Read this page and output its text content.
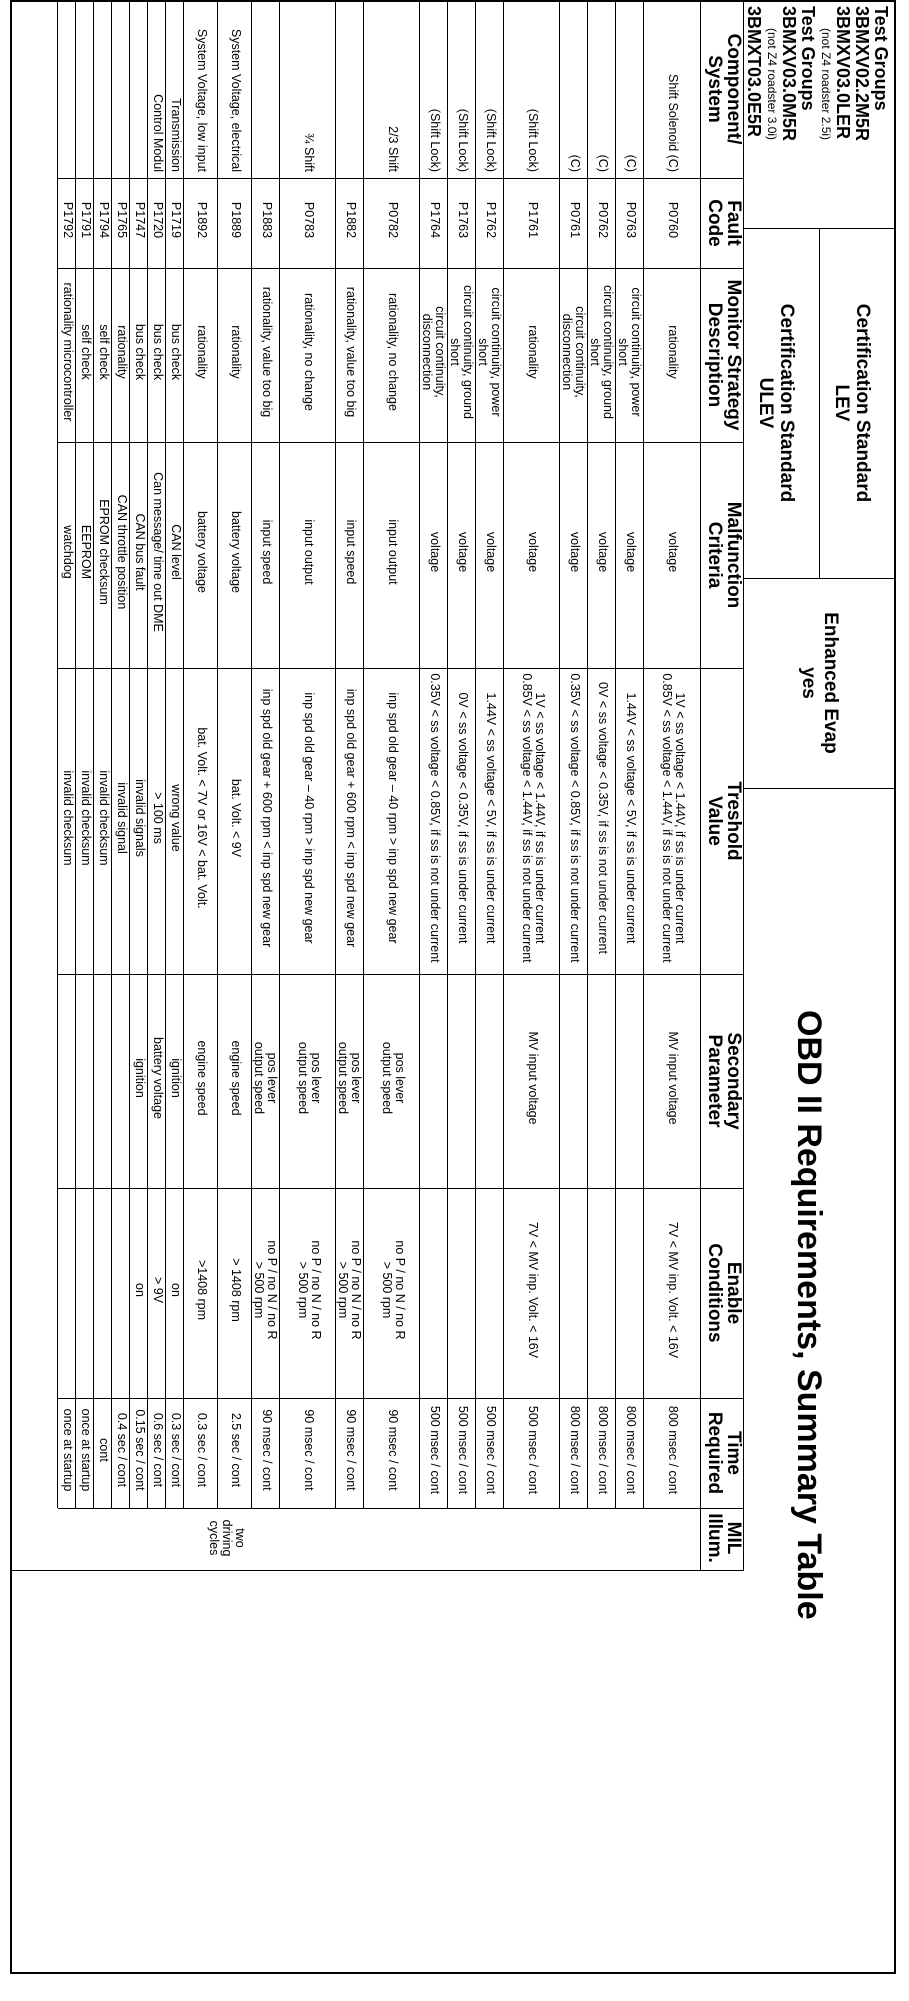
OBD II Requirements, Summary Table
Test Groups
3BMXV02.2M5R
3BMXV03.0LER
(not Z4 roadster 2.5i)
Test Groups
3BMXV03.0M5R
(not Z4 roadster 3.0i)
3BMXT03.0E5R
Certification Standard
LEV
Certification Standard
ULEV
Enhanced Evap
yes
Component/
System
Fault
Code
Monitor Strategy
Description
Malfunction
Criteria
Treshold
Value
Secondary
Parameter
Enable
Conditions
Time
Required
MIL
Illum.
two
driving
cycles
Shift Solenoid (C)
P0760
rationality
voltage
1V < ss voltage < 1.44V, if ss is under current
0.85V < ss voltage < 1.44V, if ss is not under current
MV input voltage
7V < MV inp. Volt. < 16V
800 msec / cont
(C)
P0763
circuit continuity, power
short
voltage
1.44V < ss voltage < 5V, if ss is under current
800 msec / cont
(C)
P0762
circuit continuity, ground
short
voltage
0V < ss voltage < 0.35V, if ss is not under current
800 msec / cont
(C)
P0761
circuit continuity,
disconnection
voltage
0.35V < ss voltage < 0.85V, if ss is not under current
800 msec / cont
(Shift Lock)
P1761
rationality
voltage
1V < ss voltage < 1.44V, if ss is under current
0.85V < ss voltage < 1.44V, if ss is not under current
MV input voltage
7V < MV inp. Volt. < 16V
500 msec / cont
(Shift Lock)
P1762
circuit continuity, power
short
voltage
1.44V < ss voltage < 5V, if ss is under current
500 msec / cont
(Shift Lock)
P1763
circuit continuity, ground
short
voltage
0V < ss voltage < 0.35V, if ss is under current
500 msec / cont
(Shift Lock)
P1764
circuit continuity,
disconnection
voltage
0.35V < ss voltage < 0.85V, if ss is not under current
500 msec / cont
2/3 Shift
P0782
rationality, no change
input output
inp spd old gear – 40 rpm > inp spd new gear
pos lever
output speed
no P / no N / no R
> 500 rpm
90 msec / cont
P1882
rationality, value too big
input speed
inp spd old gear + 600 rpm < inp spd new gear
pos lever
output speed
no P / no N / no R
> 500 rpm
90 msec / cont
¾ Shift
P0783
rationality, no change
input output
inp spd old gear – 40 rpm > inp spd new gear
pos lever
output speed
no P / no N / no R
> 500 rpm
90 msec / cont
P1883
rationality, value too big
input speed
inp spd old gear + 600 rpm < inp spd new gear
pos lever
output speed
no P / no N / no R
> 500 rpm
90 msec / cont
System Voltage, electrical
P1889
rationality
battery voltage
bat. Volt. < 9V
engine speed
> 1408 rpm
2.5 sec / cont
System Voltage, low input
P1892
rationality
battery voltage
bat. Volt. < 7V or 16V < bat. Volt.
engine speed
>1408 rpm
0.3 sec / cont
Transmission
P1719
bus check
CAN level
wrong value
ignition
on
0.3 sec / cont
Control Modul
P1720
bus check
Can message/ time out DME
> 100 ms
battery voltage
> 9V
0.6 sec / cont
P1747
bus check
CAN bus fault
invalid signals
ignition
on
0.15 sec / cont
P1765
rationality
CAN throttle position
invalid signal
0.4 sec / cont
P1794
self check
EPROM checksum
invalid checksum
cont
P1791
self check
EEPROM
invalid checksum
once at startup
P1792
rationality microcontroller
watchdog
invalid checksum
once at startup
